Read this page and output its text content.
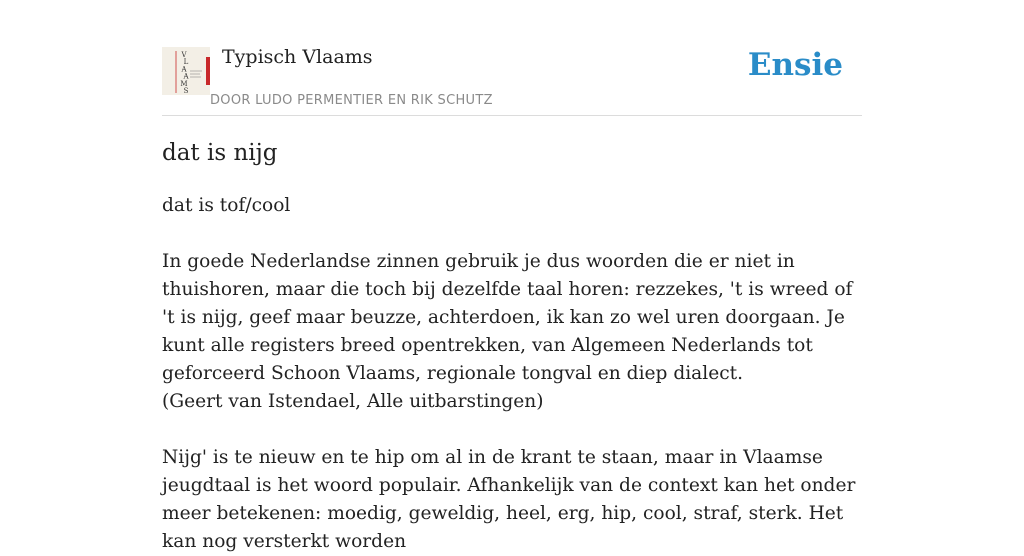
V L A A M S
Typisch Vlaams
DOOR LUDO PERMENTIER EN RIK SCHUTZ
Ensie
dat is nijg

dat is tof/cool

In goede Nederlandse zinnen gebruik je dus woorden die er niet in thuishoren, maar die toch bij dezelfde taal horen: rezzekes, 't is wreed of 't is nijg, geef maar beuzze, achterdoen, ik kan zo wel uren doorgaan. Je kunt alle registers breed opentrekken, van Algemeen Nederlands tot geforceerd Schoon Vlaams, regionale tongval en diep dialect.
(Geert van Istendael, Alle uitbarstingen)

Nijg' is te nieuw en te hip om al in de krant te staan, maar in Vlaamse jeugdtaal is het woord populair. Afhankelijk van de context kan het onder meer betekenen: moedig, geweldig, heel, erg, hip, cool, straf, sterk. Het kan nog versterkt worden
